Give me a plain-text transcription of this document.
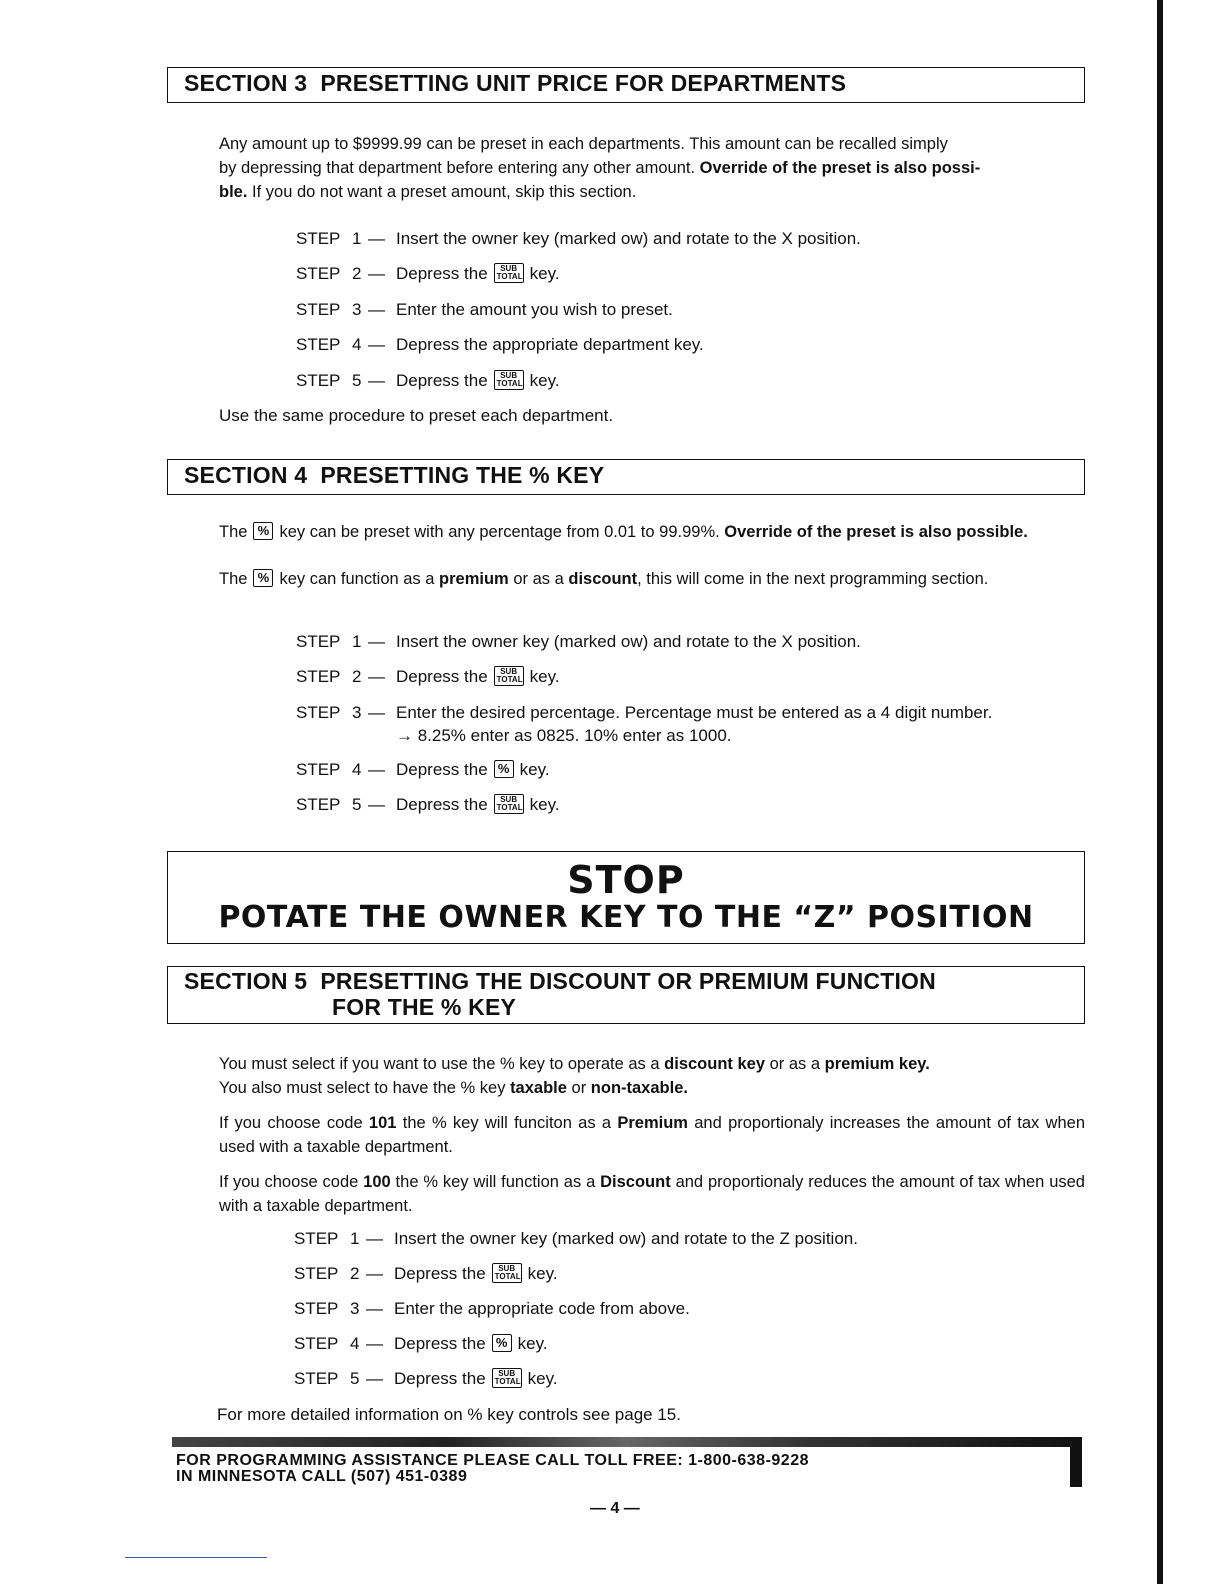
SECTION 3  PRESETTING UNIT PRICE FOR DEPARTMENTS
Any amount up to $9999.99 can be preset in each departments. This amount can be recalled simply
by depressing that department before entering any other amount. Override of the preset is also possi-
ble. If you do not want a preset amount, skip this section.
STEP 1 — Insert the owner key (marked ow) and rotate to the X position.
STEP 2 — Depress the	SUB
TOTAL key.
STEP 3 — Enter the amount you wish to preset.
STEP 4 — Depress the appropriate department key.
STEP 5 — Depress the	SUB
TOTAL key.
Use the same procedure to preset each department.
SECTION 4  PRESETTING THE % KEY
The % key can be preset with any percentage from 0.01 to 99.99%. Override of the preset is also possible.
The % key can function as a premium or as a discount, this will come in the next programming section.
STEP 1 — Insert the owner key (marked ow) and rotate to the X position.
STEP 2 — Depress the	SUB
TOTAL key.
STEP 3 — Enter the desired percentage. Percentage must be entered as a 4 digit number.
→ 8.25% enter as 0825. 10% enter as 1000.
STEP 4 — Depress the % key.
STEP 5 — Depress the	SUB
TOTAL key.
STOP
POTATE THE OWNER KEY TO THE “Z” POSITION
SECTION 5  PRESETTING THE DISCOUNT OR PREMIUM FUNCTION
FOR THE % KEY
You must select if you want to use the % key to operate as a discount key or as a premium key.
You also must select to have the % key taxable or non-taxable.
If you choose code 101 the % key will funciton as a Premium and proportionaly increases the amount of tax when used with a taxable department.
If you choose code 100 the % key will function as a Discount and proportionaly reduces the amount of tax when used with a taxable department.
STEP 1 — Insert the owner key (marked ow) and rotate to the Z position.
STEP 2 — Depress the	SUB
TOTAL key.
STEP 3 — Enter the appropriate code from above.
STEP 4 — Depress the % key.
STEP 5 — Depress the	SUB
TOTAL key.
For more detailed information on % key controls see page 15.
FOR PROGRAMMING ASSISTANCE PLEASE CALL TOLL FREE: 1-800-638-9228
IN MINNESOTA CALL (507) 451-0389
— 4 —
